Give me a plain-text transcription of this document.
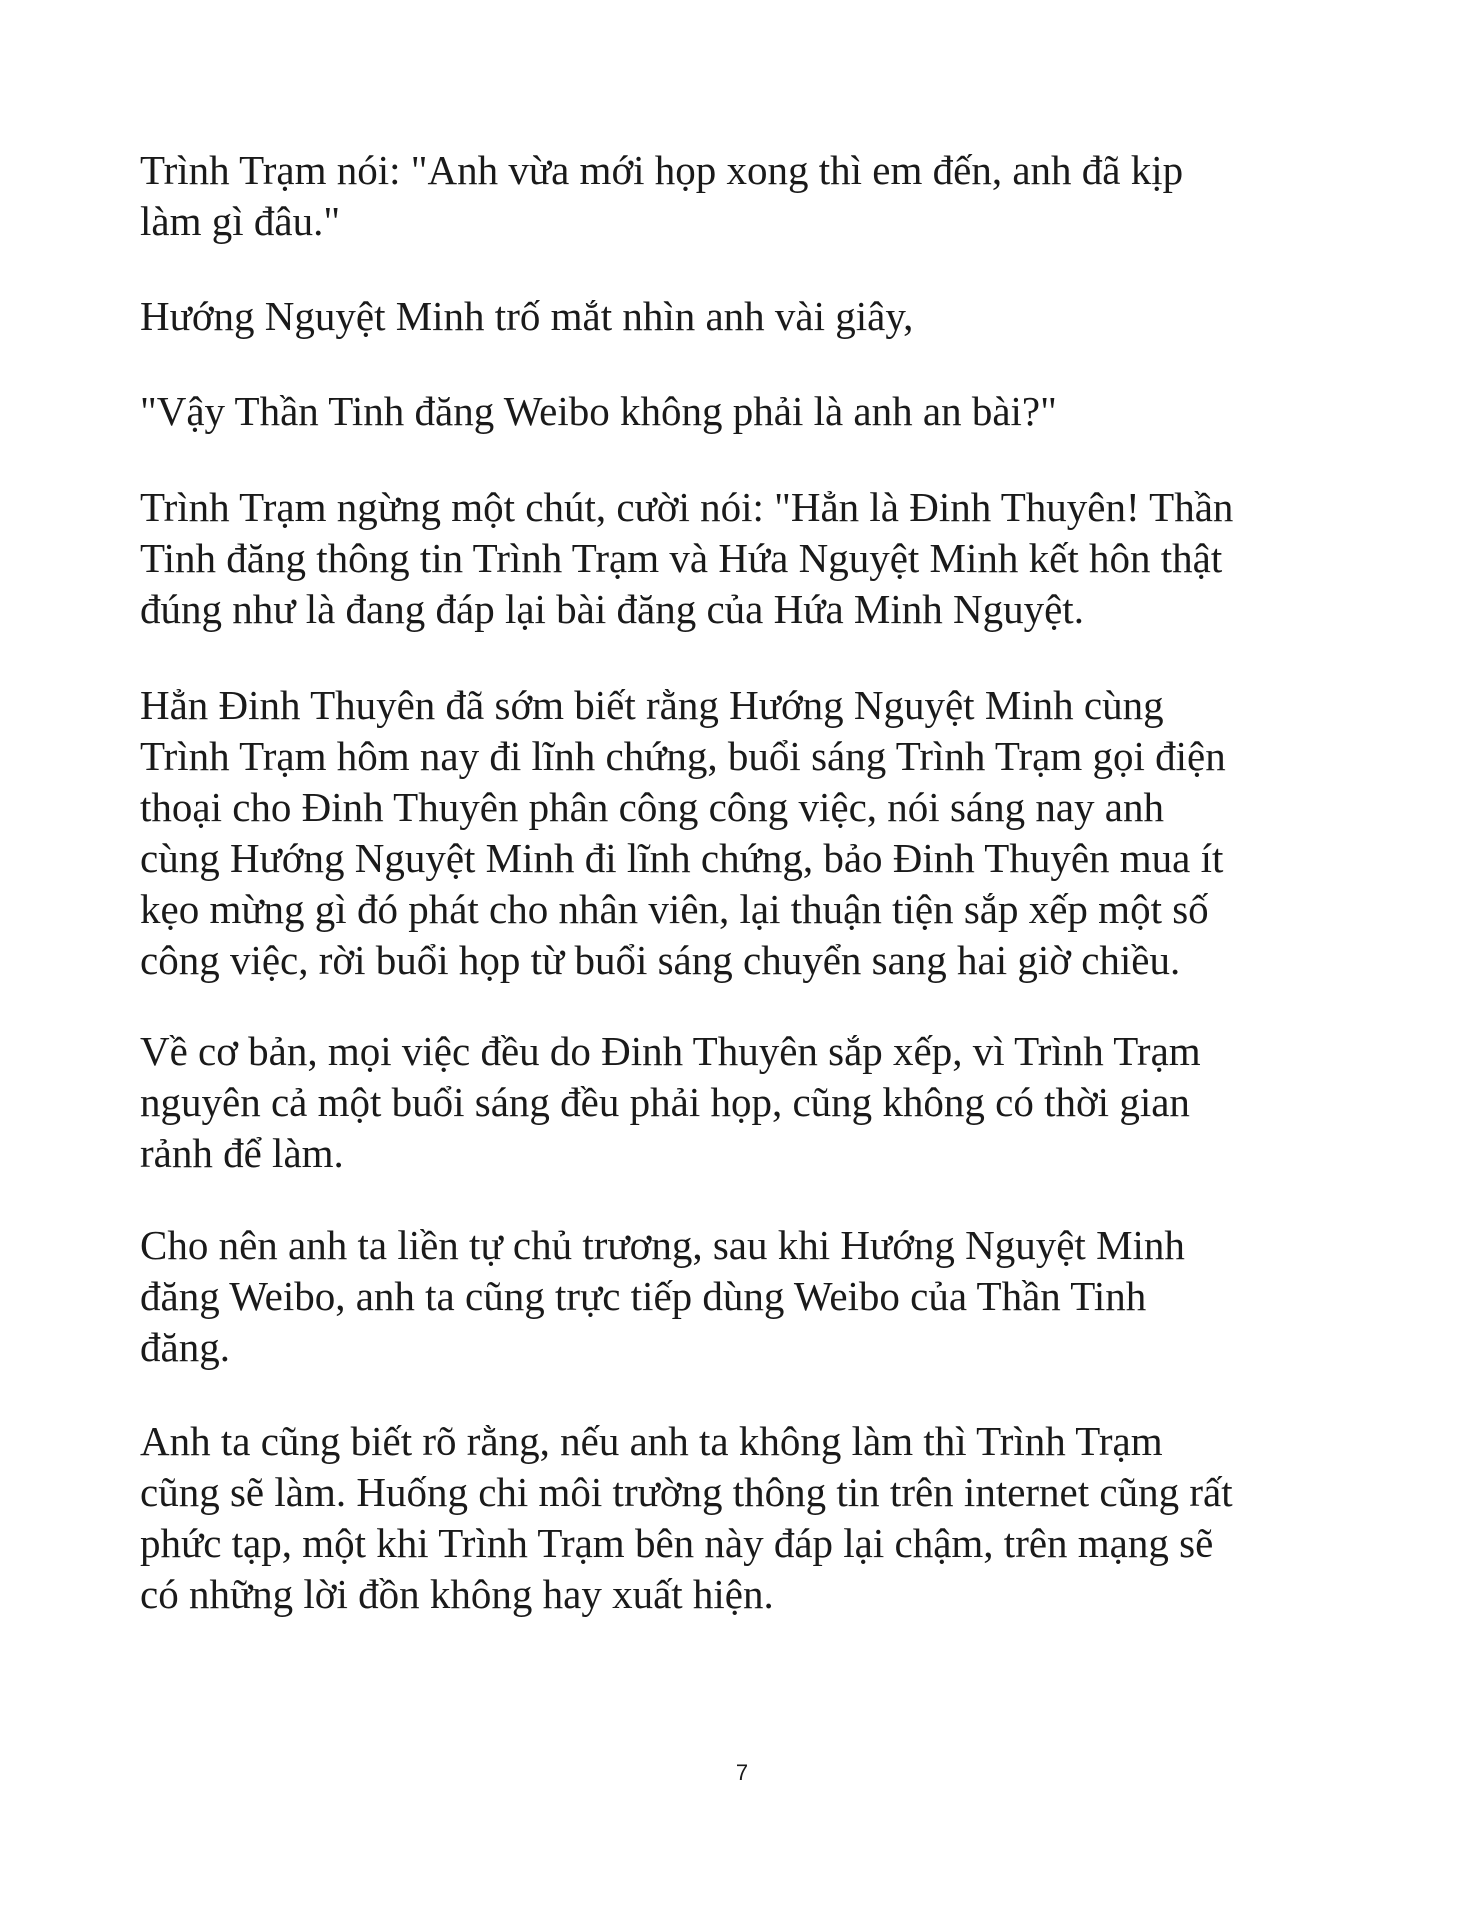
Trình Trạm nói: "Anh vừa mới họp xong thì em đến, anh đã kịp
làm gì đâu."

Hướng Nguyệt Minh trố mắt nhìn anh vài giây,

"Vậy Thần Tinh đăng Weibo không phải là anh an bài?"

Trình Trạm ngừng một chút, cười nói: "Hẳn là Đinh Thuyên! Thần
Tinh đăng thông tin Trình Trạm và Hứa Nguyệt Minh kết hôn thật
đúng như là đang đáp lại bài đăng của Hứa Minh Nguyệt.

Hẳn Đinh Thuyên đã sớm biết rằng Hướng Nguyệt Minh cùng
Trình Trạm hôm nay đi lĩnh chứng, buổi sáng Trình Trạm gọi điện
thoại cho Đinh Thuyên phân công công việc, nói sáng nay anh
cùng Hướng Nguyệt Minh đi lĩnh chứng, bảo Đinh Thuyên mua ít
kẹo mừng gì đó phát cho nhân viên, lại thuận tiện sắp xếp một số
công việc, rời buổi họp từ buổi sáng chuyển sang hai giờ chiều.

Về cơ bản, mọi việc đều do Đinh Thuyên sắp xếp, vì Trình Trạm
nguyên cả một buổi sáng đều phải họp, cũng không có thời gian
rảnh để làm.

Cho nên anh ta liền tự chủ trương, sau khi Hướng Nguyệt Minh
đăng Weibo, anh ta cũng trực tiếp dùng Weibo của Thần Tinh
đăng.

Anh ta cũng biết rõ rằng, nếu anh ta không làm thì Trình Trạm
cũng sẽ làm. Huống chi môi trường thông tin trên internet cũng rất
phức tạp, một khi Trình Trạm bên này đáp lại chậm, trên mạng sẽ
có những lời đồn không hay xuất hiện.

7
